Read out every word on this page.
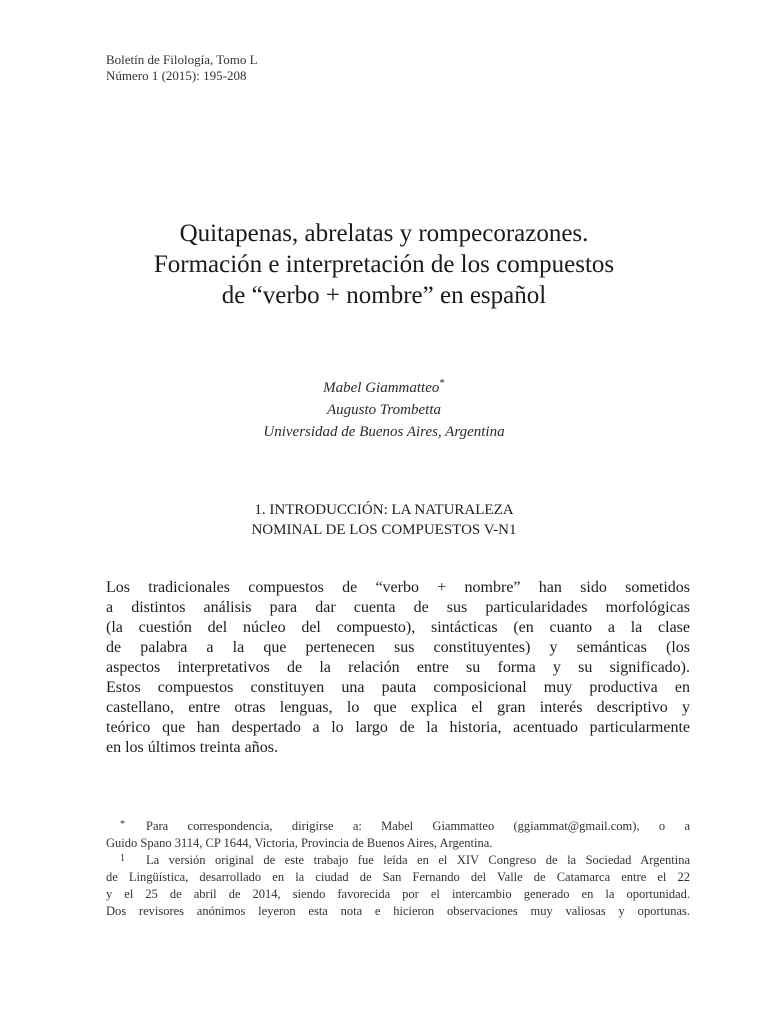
Boletín de Filología, Tomo L
Número 1 (2015): 195-208
Quitapenas, abrelatas y rompecorazones.
Formación e interpretación de los compuestos
de “verbo + nombre” en español
Mabel Giammatteo*
Augusto Trombetta
Universidad de Buenos Aires, Argentina
1. INTRODUCCIÓN: LA NATURALEZA
NOMINAL DE LOS COMPUESTOS V-N1
Los tradicionales compuestos de “verbo + nombre” han sido sometidos
a distintos análisis para dar cuenta de sus particularidades morfológicas
(la cuestión del núcleo del compuesto), sintácticas (en cuanto a la clase
de palabra a la que pertenecen sus constituyentes) y semánticas (los
aspectos interpretativos de la relación entre su forma y su significado).
Estos compuestos constituyen una pauta composicional muy productiva en
castellano, entre otras lenguas, lo que explica el gran interés descriptivo y
teórico que han despertado a lo largo de la historia, acentuado particularmente
en los últimos treinta años.
* Para correspondencia, dirigirse a: Mabel Giammatteo (ggiammat@gmail.com), o a
Guido Spano 3114, CP 1644, Victoria, Provincia de Buenos Aires, Argentina.
1 La versión original de este trabajo fue leída en el XIV Congreso de la Sociedad Argentina
de Lingüística, desarrollado en la ciudad de San Fernando del Valle de Catamarca entre el 22
y el 25 de abril de 2014, siendo favorecida por el intercambio generado en la oportunidad.
Dos revisores anónimos leyeron esta nota e hicieron observaciones muy valiosas y oportunas.
